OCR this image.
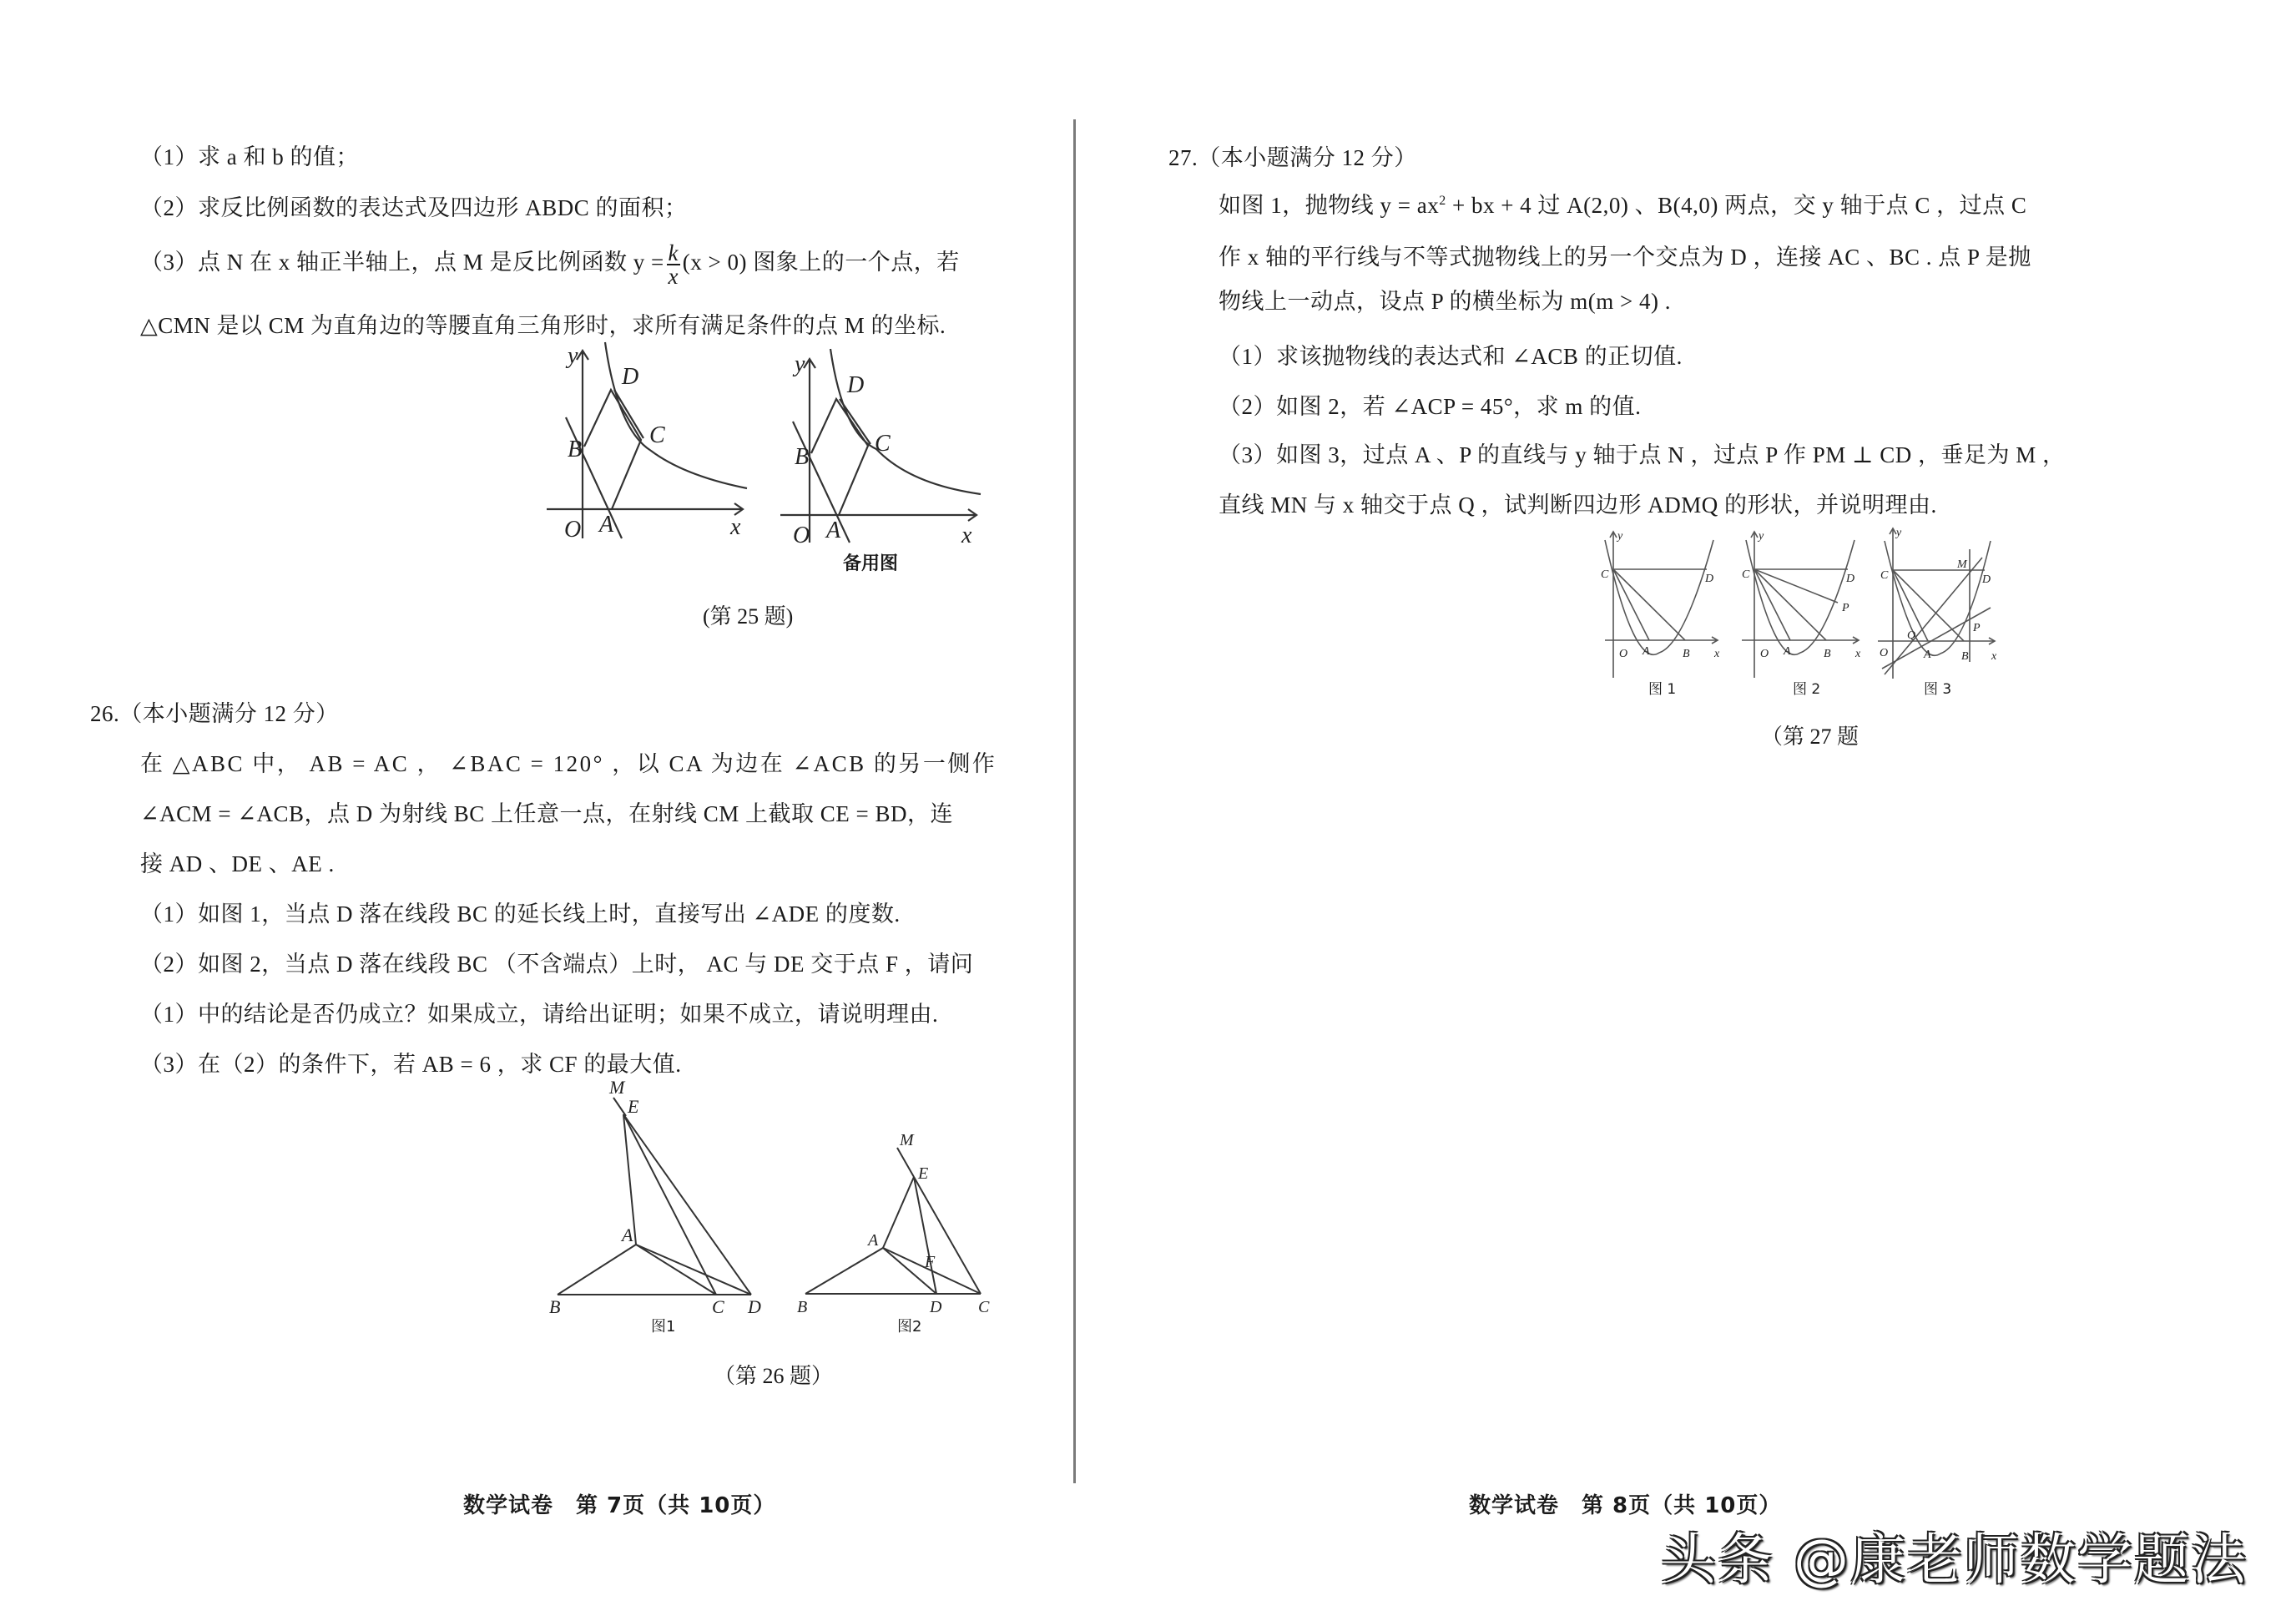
（1）求 a 和 b 的值；
（2）求反比例函数的表达式及四边形 ABDC 的面积；
（3）点 N 在 x 轴正半轴上，点 M 是反比例函数 $y = \frac{k}{x} (x > 0)$ 图象上的一个点，若
△CMN 是以 CM 为直角边的等腰直角三角形时，求所有满足条件的点 M 的坐标.
y
D
C
B
O A	x
y
D
C
B
O A	x
备用图
(第 25 题)
26.（本小题满分 12 分）
在 △ABC 中， AB = AC ， ∠BAC = 120° ，以 CA 为边在 ∠ACB 的另一侧作
∠ACM = ∠ACB，点 D 为射线 BC 上任意一点，在射线 CM 上截取 CE = BD，连
接 AD 、DE 、AE .
（1）如图 1，当点 D 落在线段 BC 的延长线上时，直接写出 ∠ADE 的度数.
（2）如图 2，当点 D 落在线段 BC （不含端点）上时， AC 与 DE 交于点 F ，请问
（1）中的结论是否仍成立？如果成立，请给出证明；如果不成立，请说明理由.
（3）在（2）的条件下，若 AB = 6 ，求 CF 的最大值.
M
E
A
B	C D
图1
M
E
A
F
B	D C
图2
（第 26 题）
数学试卷　第 7页（共 10页）
27.（本小题满分 12 分）
如图 1，抛物线 $y = ax^2$ + bx + 4 过 A(2,0) 、B(4,0) 两点，交 y 轴于点 C ，过点 C
作 x 轴的平行线与不等式抛物线上的另一个交点为 D ，连接 AC 、BC . 点 P 是抛
物线上一动点，设点 P 的横坐标为 m(m > 4) .
（1）求该抛物线的表达式和 ∠ACB 的正切值.
（2）如图 2，若 ∠ACP = 45°，求 m 的值.
（3）如图 3，过点 A 、P 的直线与 y 轴于点 N ，过点 P 作 PM ⊥ CD ，垂足为 M ，
直线 MN 与 x 轴交于点 Q ，试判断四边形 ADMQ 的形状，并说明理由.
y
C	D
O A	B x
y
C	D
P
O A	B x
y
C	D
M
P
Q
O	A	B x
图 1	图 2	图 3
（第 27 题
数学试卷　第 8页（共 10页）
头条 @康老师数学题法
